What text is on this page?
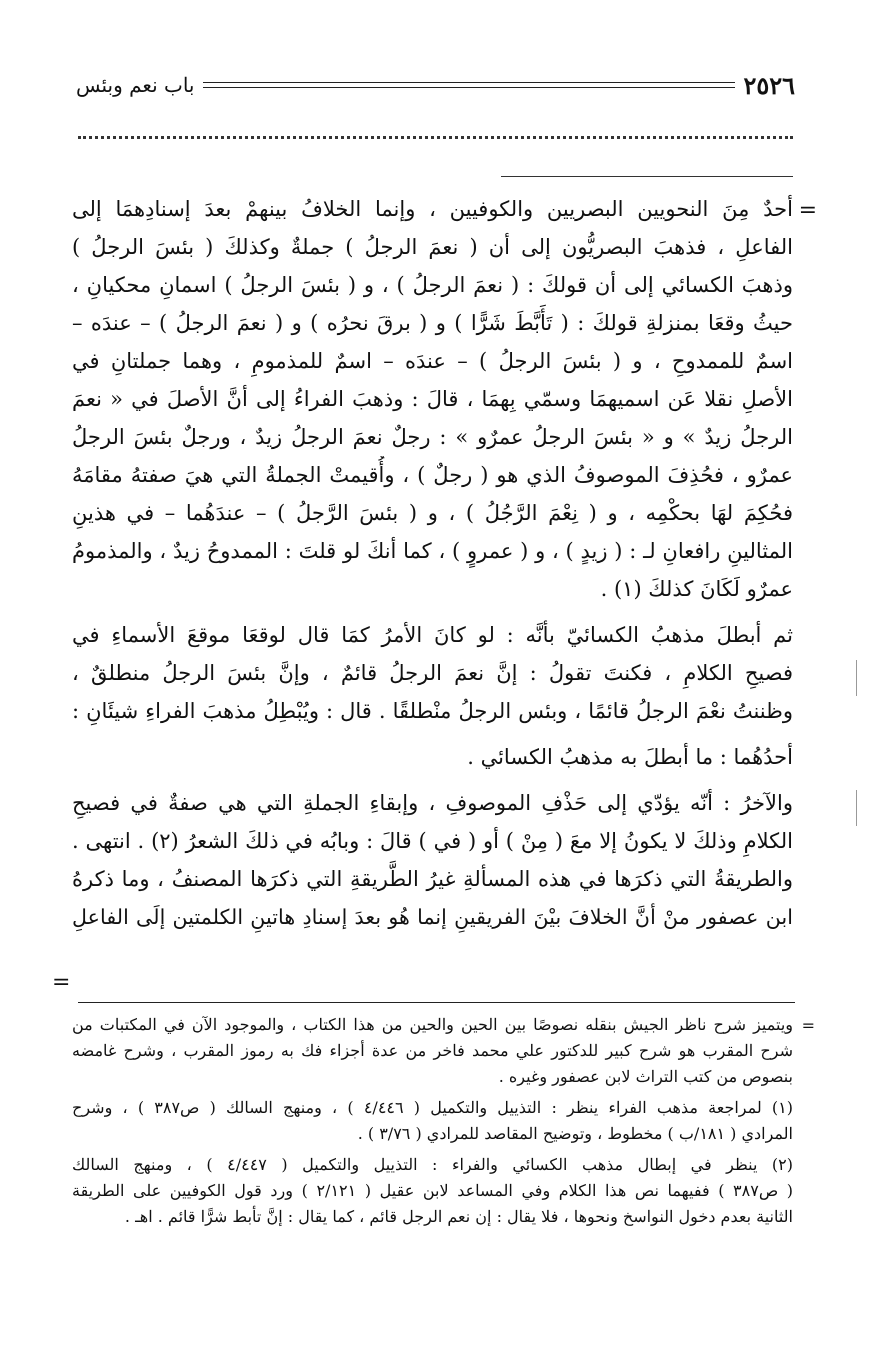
٢٥٢٦
باب نعم وبئس
=
أحدٌ مِنَ النحويين البصريين والكوفيين ، وإنما الخلافُ بينهمْ بعدَ إسنادِهمَا إلى
الفاعلِ ، فذهبَ البصريُّون إلى أن ( نعمَ الرجلُ ) جملةٌ وكذلكَ ( بئسَ الرجلُ )
وذهبَ الكسائي إلى أن قولكَ : ( نعمَ الرجلُ ) ، و ( بئسَ الرجلُ ) اسمانِ محكيانِ ،
حيثُ وقعَا بمنزلةِ قولكَ : ( تَأَبَّطَ شَرًّا ) و ( برقَ نحرُه ) و ( نعمَ الرجلُ ) – عندَه –
اسمٌ للممدوحِ ، و ( بئسَ الرجلُ ) – عندَه – اسمٌ للمذمومِ ، وهما جملتانِ في
الأصلِ نقلا عَن اسميهمَا وسمّي بِهمَا ، قالَ : وذهبَ الفراءُ إلى أنَّ الأصلَ في « نعمَ
الرجلُ زيدٌ » و « بئسَ الرجلُ عمرٌو » : رجلٌ نعمَ الرجلُ زيدٌ ، ورجلٌ بئسَ الرجلُ
عمرٌو ، فحُذِفَ الموصوفُ الذي هو ( رجلٌ ) ، وأُقيمتْ الجملةُ التي هيَ صفتهُ مقامَهُ
فحُكِمَ لهَا بحكْمِه ، و ( نِعْمَ الرَّجُلُ ) ، و ( بئسَ الرَّجلُ ) – عندَهُما – في هذينِ
المثالينِ رافعانِ لـ : ( زيدٍ ) ، و ( عمروٍ ) ، كما أنكَ لو قلتَ : الممدوحُ زيدٌ ، والمذمومُ
عمرٌو لَكَانَ كذلكَ (١) .
ثم أبطلَ مذهبُ الكسائيّ بأنَّه : لو كانَ الأمرُ كمَا قال لوقعَا موقعَ الأسماءِ في
فصيحِ الكلامِ ، فكنتَ تقولُ : إنَّ نعمَ الرجلُ قائمٌ ، وإنَّ بئسَ الرجلُ منطلقٌ ،
وظننتُ نعْمَ الرجلُ قائمًا ، وبئس الرجلُ منْطلقًا . قال : ويُبْطِلُ مذهبَ الفراءِ شيئَانِ :
أحدُهُما : ما أبطلَ به مذهبُ الكسائي .
والآخرُ : أنّه يؤدّي إلى حَذْفِ الموصوفِ ، وإبقاءِ الجملةِ التي هي صفةٌ في فصيحِ
الكلامِ وذلكَ لا يكونُ إلا معَ ( مِنْ ) أو ( في ) قالَ : وبابُه في ذلكَ الشعرُ (٢) . انتهى .
والطريقةُ التي ذكرَها في هذه المسألةِ غيرُ الطَّريقةِ التي ذكرَها المصنفُ ، وما ذكرهُ
ابن عصفور منْ أنَّ الخلافَ بيْنَ الفريقينِ إنما هُو بعدَ إسنادِ هاتينِ الكلمتين إلَى الفاعلِ
=
=
ويتميز شرح ناظر الجيش بنقله نصوصًا بين الحين والحين من هذا الكتاب ، والموجود الآن في المكتبات من
شرح المقرب هو شرح كبير للدكتور علي محمد فاخر من عدة أجزاء فك به رموز المقرب ، وشرح غامضه
بنصوص من كتب التراث لابن عصفور وغيره .
(١) لمراجعة مذهب الفراء ينظر : التذييل والتكميل ( ٤/٤٤٦ ) ، ومنهج السالك ( ص٣٨٧ ) ، وشرح
المرادي ( ١٨١/ب ) مخطوط ، وتوضيح المقاصد للمرادي ( ٣/٧٦ ) .
(٢) ينظر في إبطال مذهب الكسائي والفراء : التذييل والتكميل ( ٤/٤٤٧ ) ، ومنهج السالك
( ص٣٨٧ ) ففيهما نص هذا الكلام وفي المساعد لابن عقيل ( ٢/١٢١ ) ورد قول الكوفيين على الطريقة
الثانية بعدم دخول النواسخ ونحوها ، فلا يقال : إن نعم الرجل قائم ، كما يقال : إنَّ تأبط شرًّا قائم . اهـ .
